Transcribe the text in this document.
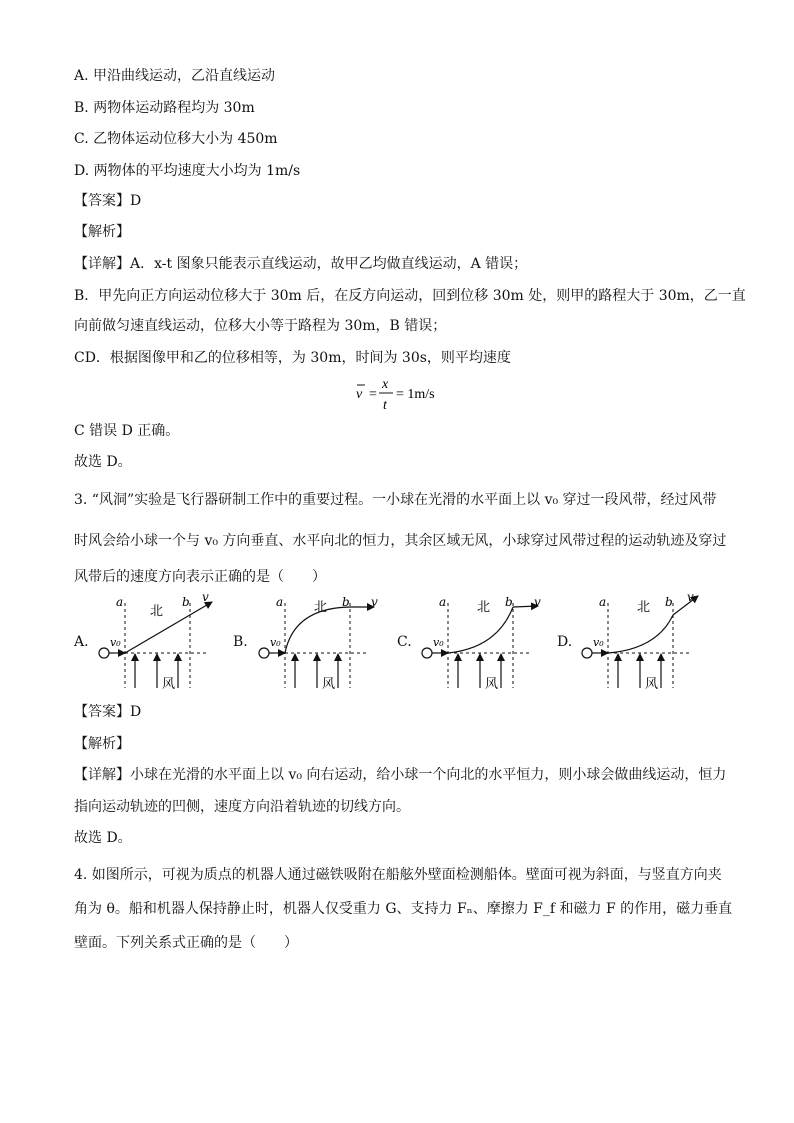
A. 甲沿曲线运动，乙沿直线运动
B. 两物体运动路程均为 30m
C. 乙物体运动位移大小为 450m
D. 两物体的平均速度大小均为 1m/s
【答案】D
【解析】
【详解】A．x-t 图象只能表示直线运动，故甲乙均做直线运动，A 错误；
B．甲先向正方向运动位移大于 30m 后，在反方向运动，回到位移 30m 处，则甲的路程大于 30m，乙一直
向前做匀速直线运动，位移大小等于路程为 30m，B 错误；
CD．根据图像甲和乙的位移相等，为 30m，时间为 30s，则平均速度
v =
x
t
= 1m/s
C 错误 D 正确。
故选 D。
3. “风洞”实验是飞行器研制工作中的重要过程。一小球在光滑的水平面上以 v₀ 穿过一段风带，经过风带
时风会给小球一个与 v₀ 方向垂直、水平向北的恒力，其余区域无风，小球穿过风带过程的运动轨迹及穿过
风带后的速度方向表示正确的是（　　）
A.	B.	C.	D.
a	b
北
v
v₀
风
a	b
北	v
v₀
风
a	b
北	v
v₀
风
a	b
北
v
v₀
风
【答案】D
【解析】
【详解】小球在光滑的水平面上以 v₀ 向右运动，给小球一个向北的水平恒力，则小球会做曲线运动，恒力
指向运动轨迹的凹侧，速度方向沿着轨迹的切线方向。
故选 D。
4. 如图所示，可视为质点的机器人通过磁铁吸附在船舷外壁面检测船体。壁面可视为斜面，与竖直方向夹
角为 θ。船和机器人保持静止时，机器人仅受重力 G、支持力 Fₙ、摩擦力 F_f 和磁力 F 的作用，磁力垂直
壁面。下列关系式正确的是（　　）
